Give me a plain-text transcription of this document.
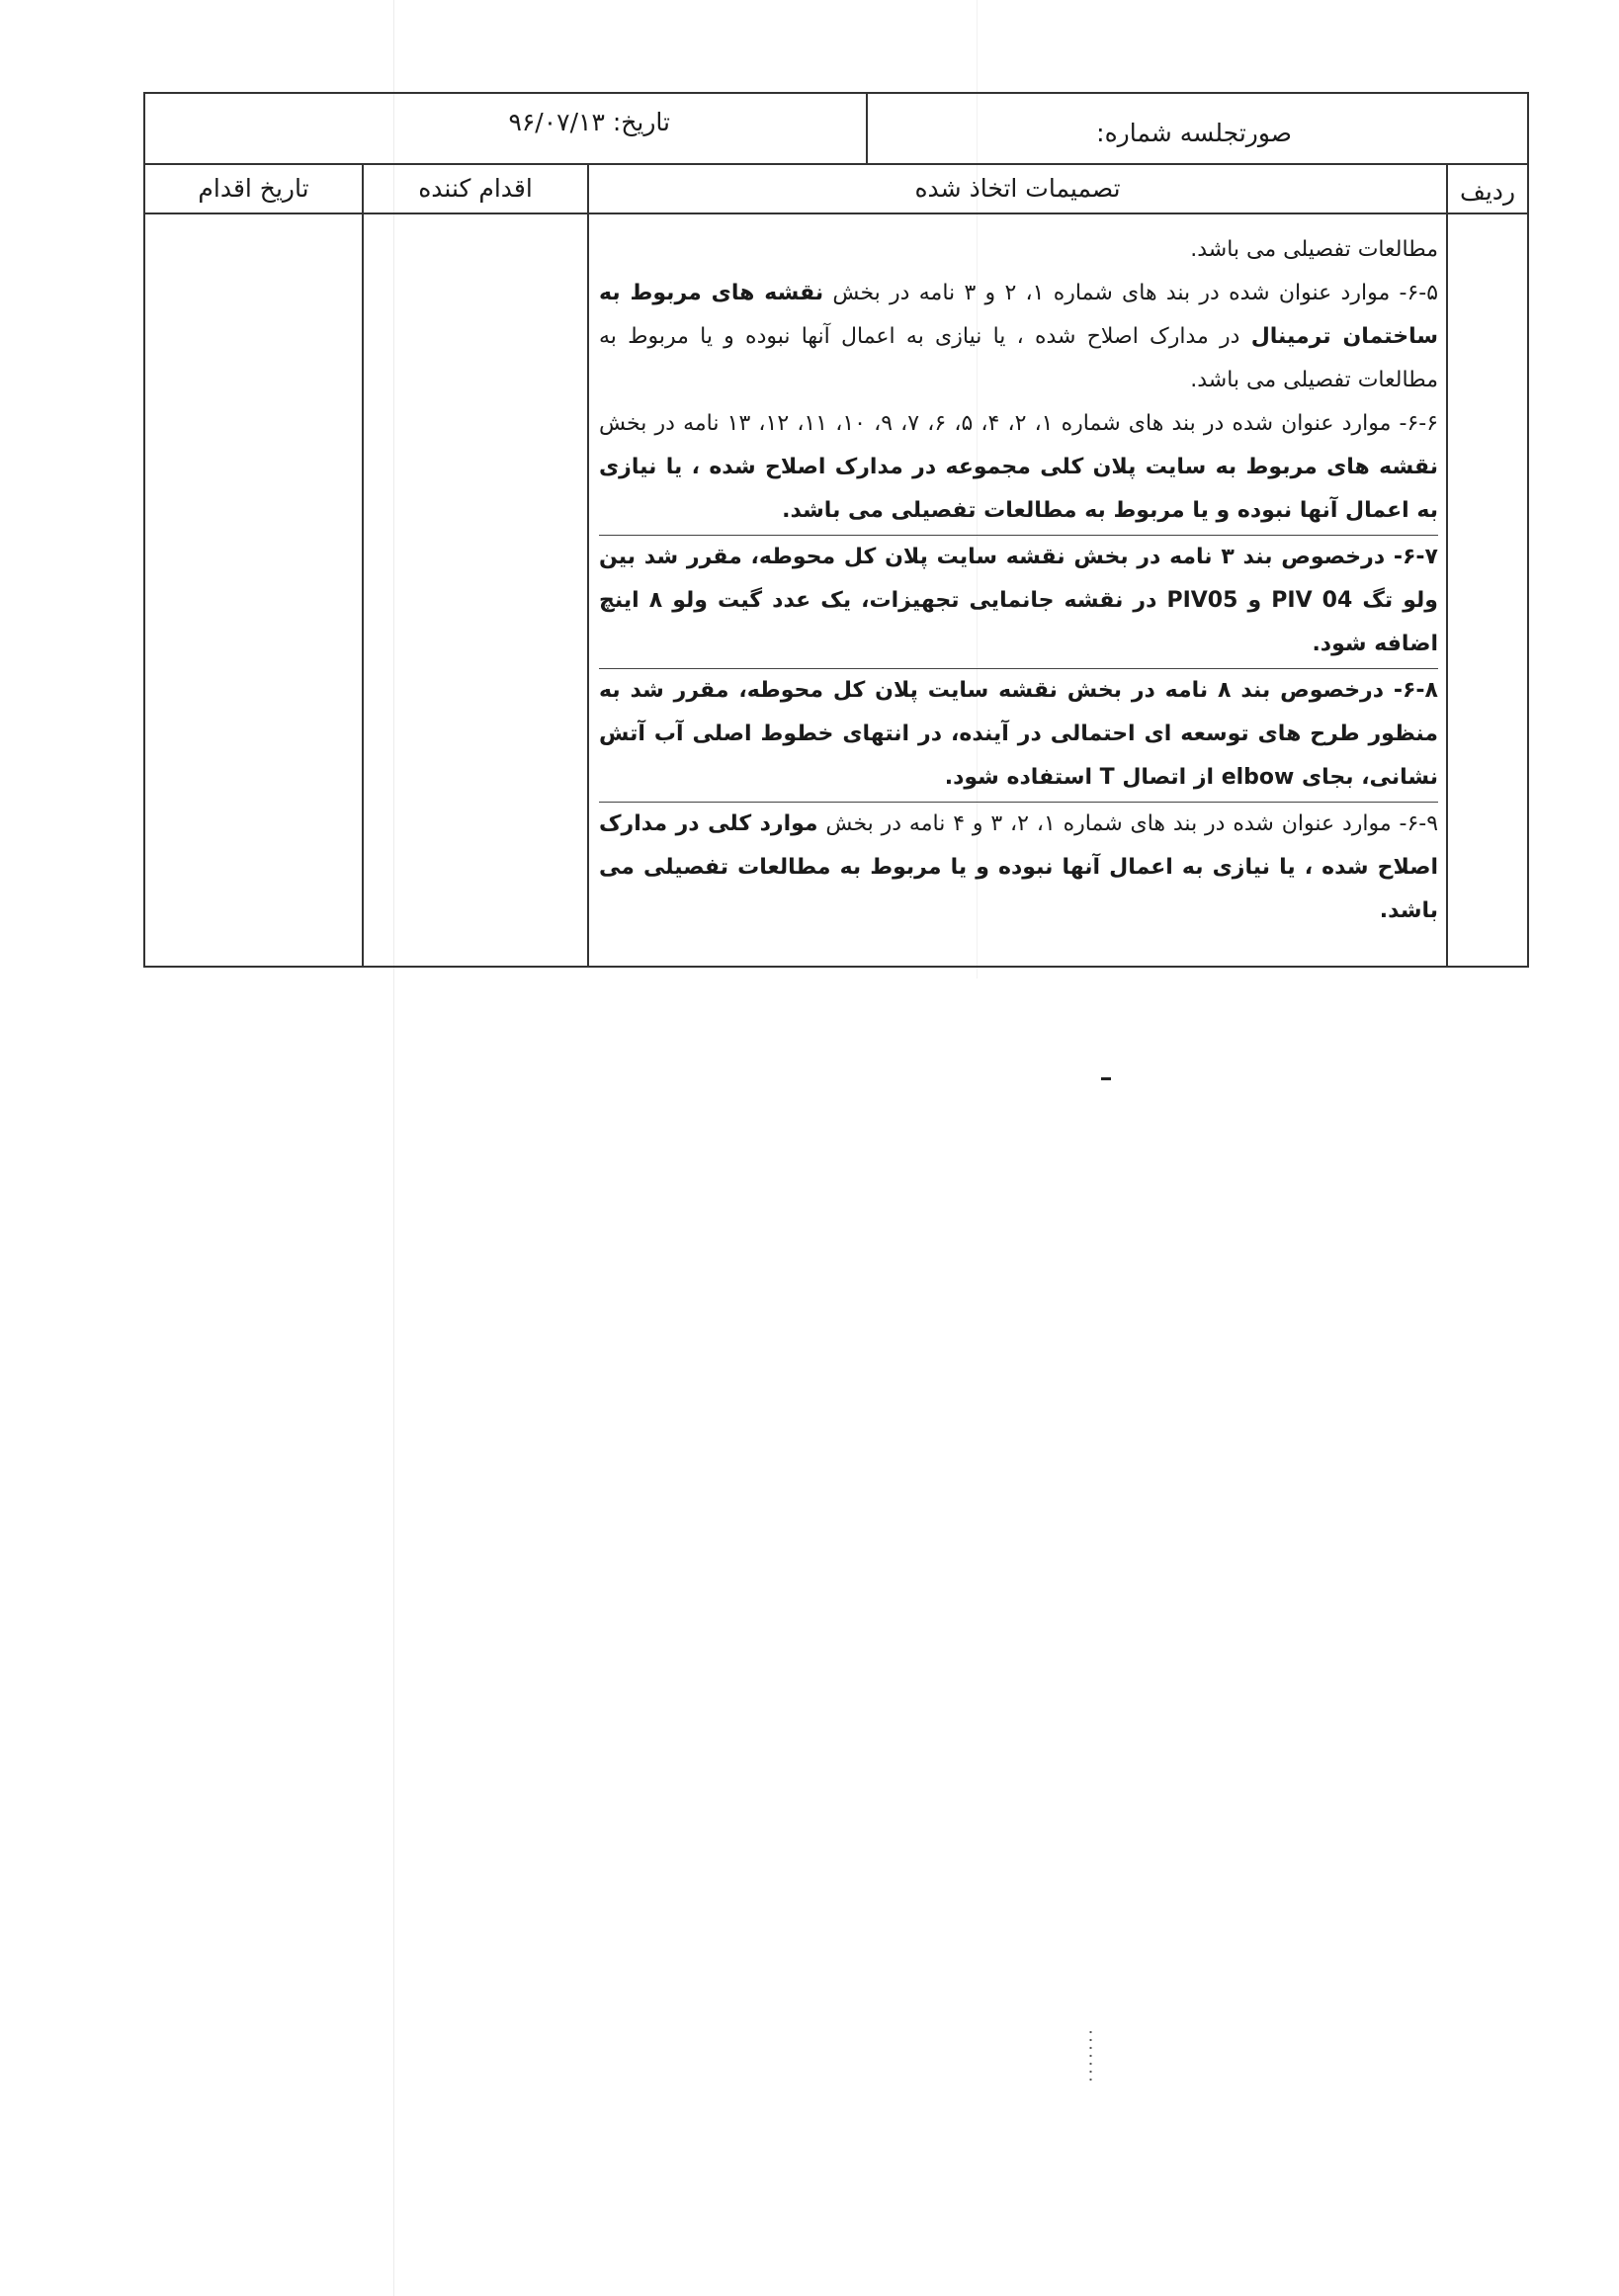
صورتجلسه شماره:
تاریخ: ۹۶/۰۷/۱۳
ردیف
تصمیمات اتخاذ شده
اقدام کننده
تاریخ اقدام

مطالعات تفصیلی می باشد.

۶-۵- موارد عنوان شده در بند های شماره ۱، ۲ و ۳ نامه در بخش نقشه های مربوط به ساختمان ترمینال در مدارک اصلاح شده ، یا نیازی به اعمال آنها نبوده و یا مربوط به مطالعات تفصیلی می باشد.

۶-۶- موارد عنوان شده در بند های شماره ۱، ۲، ۴، ۵، ۶، ۷، ۹، ۱۰، ۱۱، ۱۲، ۱۳ نامه در بخش نقشه های مربوط به سایت پلان کلی مجموعه در مدارک اصلاح شده ، یا نیازی به اعمال آنها نبوده و یا مربوط به مطالعات تفصیلی می باشد.

۶-۷- درخصوص بند ۳ نامه در بخش نقشه سایت پلان کل محوطه، مقرر شد بین ولو تگ PIV 04 و PIV05 در نقشه جانمایی تجهیزات، یک عدد گیت ولو ۸ اینچ اضافه شود.

۶-۸- درخصوص بند ۸ نامه در بخش نقشه سایت پلان کل محوطه، مقرر شد به منظور طرح های توسعه ای احتمالی در آینده، در انتهای خطوط اصلی آب آتش نشانی، بجای elbow از اتصال T استفاده شود.

۶-۹- موارد عنوان شده در بند های شماره ۱، ۲، ۳ و ۴ نامه در بخش موارد کلی در مدارک اصلاح شده ، یا نیازی به اعمال آنها نبوده و یا مربوط به مطالعات تفصیلی می باشد.
